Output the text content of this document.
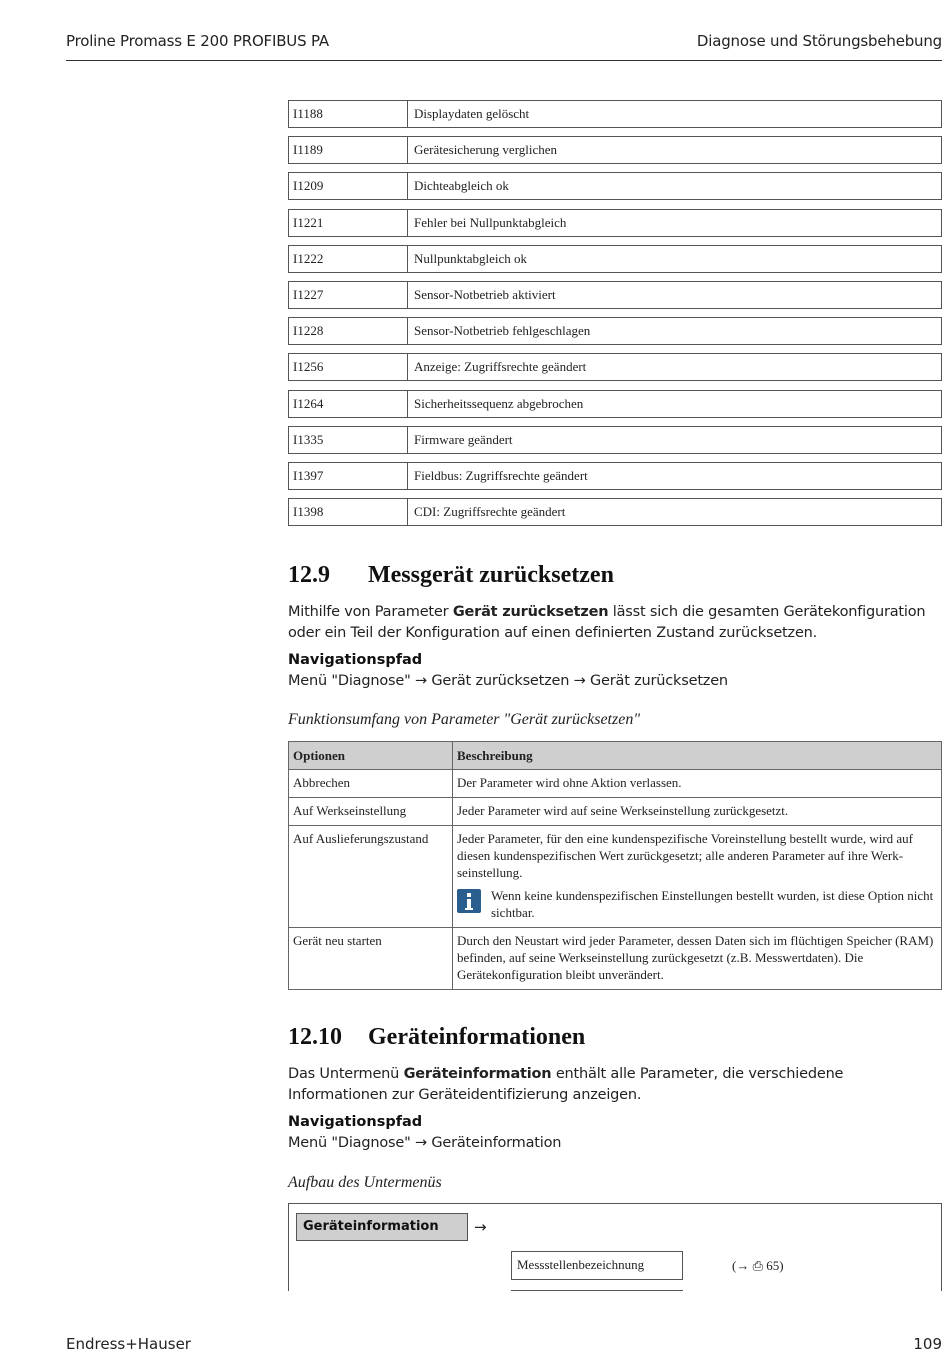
Proline Promass E 200 PROFIBUS PA	Diagnose und Störungsbehebung
I1188	Displaydaten gelöscht
I1189	Gerätesicherung verglichen
I1209	Dichteabgleich ok
I1221	Fehler bei Nullpunktabgleich
I1222	Nullpunktabgleich ok
I1227	Sensor-Notbetrieb aktiviert
I1228	Sensor-Notbetrieb fehlgeschlagen
I1256	Anzeige: Zugriffsrechte geändert
I1264	Sicherheitssequenz abgebrochen
I1335	Firmware geändert
I1397	Fieldbus: Zugriffsrechte geändert
I1398	CDI: Zugriffsrechte geändert
12.9 Messgerät zurücksetzen
Mithilfe von Parameter Gerät zurücksetzen lässt sich die gesamten Gerätekonfiguration oder ein Teil der Konfiguration auf einen definierten Zustand zurücksetzen.
Navigationspfad
Menü "Diagnose" → Gerät zurücksetzen → Gerät zurücksetzen
Funktionsumfang von Parameter "Gerät zurücksetzen"
Optionen	Beschreibung
Abbrechen	Der Parameter wird ohne Aktion verlassen.
Auf Werkseinstellung	Jeder Parameter wird auf seine Werkseinstellung zurückgesetzt.
Auf Auslieferungszustand	Jeder Parameter, für den eine kundenspezifische Voreinstellung bestellt wurde, wird auf diesen kundenspezifischen Wert zurückgesetzt; alle anderen Parameter auf ihre Werk-seinstellung.
Wenn keine kundenspezifischen Einstellungen bestellt wurden, ist diese Option nicht sichtbar.

Gerät neu starten	Durch den Neustart wird jeder Parameter, dessen Daten sich im flüchtigen Speicher (RAM) befinden, auf seine Werkseinstellung zurückgesetzt (z.B. Messwertdaten). Die Gerätekonfiguration bleibt unverändert.
12.10 Geräteinformationen
Das Untermenü Geräteinformation enthält alle Parameter, die verschiedene Informationen zur Geräteidentifizierung anzeigen.
Navigationspfad
Menü "Diagnose" → Geräteinformation
Aufbau des Untermenüs
Geräteinformation	→
Messstellenbezeichnung	(→ ⎙ 65)
Endress+Hauser	109
